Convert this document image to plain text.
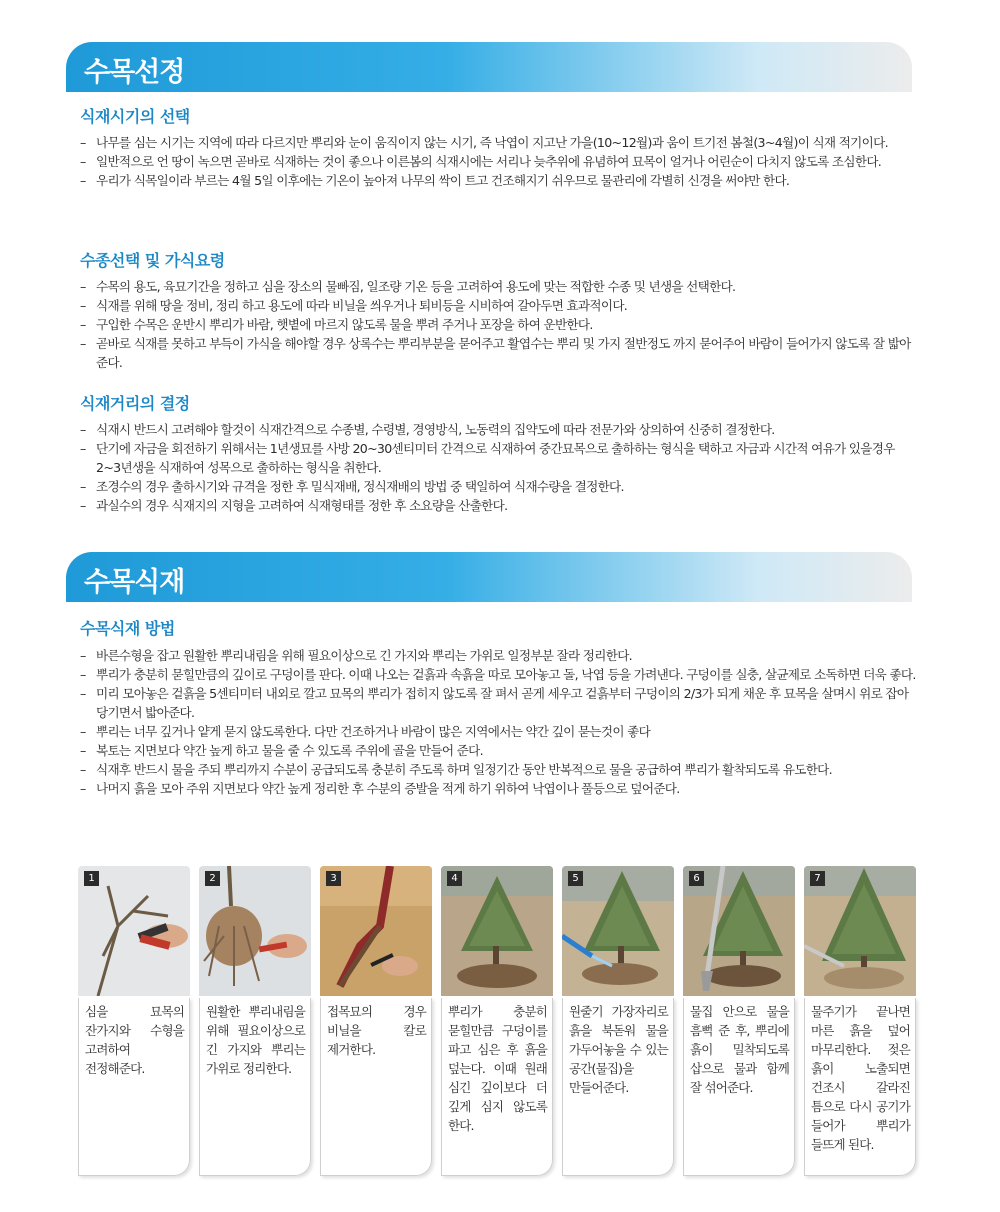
수목선정
식재시기의 선택
– 나무를 심는 시기는 지역에 따라 다르지만 뿌리와 눈이 움직이지 않는 시기, 즉 낙엽이 지고난 가을(10~12월)과 움이 트기전 봄철(3~4월)이 식재 적기이다.
– 일반적으로 언 땅이 녹으면 곧바로 식재하는 것이 좋으나 이른봄의 식재시에는 서리나 늦추위에 유념하여 묘목이 얼거나 어린순이 다치지 않도록 조심한다.
– 우리가 식목일이라 부르는 4월 5일 이후에는 기온이 높아져 나무의 싹이 트고 건조해지기 쉬우므로 물관리에 각별히 신경을 써야만 한다.
수종선택 및 가식요령
– 수목의 용도, 육묘기간을 정하고 심을 장소의 물빠짐, 일조량 기온 등을 고려하여 용도에 맞는 적합한 수종 및 년생을 선택한다.
– 식재를 위해 땅을 정비, 정리 하고 용도에 따라 비닐을 씌우거나 퇴비등을 시비하여 갈아두면 효과적이다.
– 구입한 수목은 운반시 뿌리가 바람, 햇볕에 마르지 않도록 물을 뿌려 주거나 포장을 하여 운반한다.
– 곧바로 식재를 못하고 부득이 가식을 해야할 경우 상록수는 뿌리부분을 묻어주고 활엽수는 뿌리 및 가지 절반정도 까지 묻어주어 바람이 들어가지 않도록 잘 밟아준다.
식재거리의 결정
– 식재시 반드시 고려해야 할것이 식재간격으로 수종별, 수령별, 경영방식, 노동력의 집약도에 따라 전문가와 상의하여 신중히 결정한다.
– 단기에 자금을 회전하기 위해서는 1년생묘를 사방 20~30센티미터 간격으로 식재하여 중간묘목으로 출하하는 형식을 택하고 자금과 시간적 여유가 있을경우 2~3년생을 식재하여 성목으로 출하하는 형식을 취한다.
– 조경수의 경우 출하시기와 규격을 정한 후 밀식재배, 정식재배의 방법 중 택일하여 식재수량을 결정한다.
– 과실수의 경우 식재지의 지형을 고려하여 식재형태를 정한 후 소요량을 산출한다.
수목식재
수목식재 방법
– 바른수형을 잡고 원활한 뿌리내림을 위해 필요이상으로 긴 가지와 뿌리는 가위로 일정부분 잘라 정리한다.
– 뿌리가 충분히 묻힐만큼의 깊이로 구덩이를 판다. 이때 나오는 겉흙과 속흙을 따로 모아놓고 돌, 낙엽 등을 가려낸다. 구덩이를 실충, 살균제로 소독하면 더욱 좋다.
– 미리 모아놓은 겉흙을 5센티미터 내외로 깔고 묘목의 뿌리가 접히지 않도록 잘 펴서 곧게 세우고 겉흙부터 구덩이의 2/3가 되게 채운 후 묘목을 살며시 위로 잡아 당기면서 밟아준다.
– 뿌리는 너무 깊거나 얕게 묻지 않도록한다. 다만 건조하거나 바람이 많은 지역에서는 약간 깊이 묻는것이 좋다
– 복토는 지면보다 약간 높게 하고 물을 줄 수 있도록 주위에 골을 만들어 준다.
– 식재후 반드시 물을 주되 뿌리까지 수분이 공급되도록 충분히 주도록 하며 일정기간 동안 반복적으로 물을 공급하여 뿌리가 활착되도록 유도한다.
– 나머지 흙을 모아 주위 지면보다 약간 높게 정리한 후 수분의 증발을 적게 하기 위하여 낙엽이나 풀등으로 덮어준다.
1
심을 묘목의 잔가지와 수형을 고려하여 전정해준다.
2
원활한 뿌리내림을 위해 필요이상으로 긴 가지와 뿌리는 가위로 정리한다.
3
접목묘의 경우 비닐을 칼로 제거한다.
4
뿌리가 충분히 묻힐만큼 구덩이를 파고 심은 후 흙을 덮는다. 이때 원래 심긴 깊이보다 더 깊게 심지 않도록 한다.
5
원줄기 가장자리로 흙을 북돋워 물을 가두어놓을 수 있는 공간(물집)을 만들어준다.
6
물집 안으로 물을 흠뻑 준 후, 뿌리에 흙이 밀착되도록 삽으로 물과 함께 잘 섞어준다.
7
물주기가 끝나면 마른 흙을 덮어 마무리한다. 젖은 흙이 노출되면 건조시 갈라진 틈으로 다시 공기가 들어가 뿌리가 들뜨게 된다.
